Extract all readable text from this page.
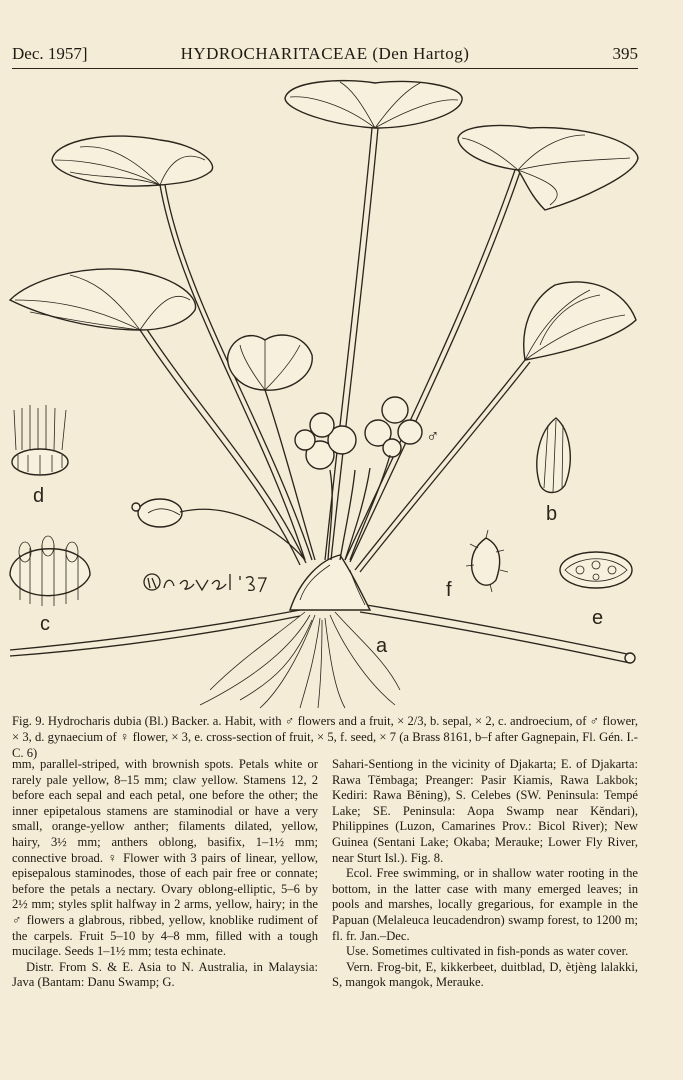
Dec. 1957]	HYDROCHARITACEAE (Den Hartog)	395
d
c
b
f
e
a
♂
Fig. 9. Hydrocharis dubia (Bl.) Backer. a. Habit, with ♂ flowers and a fruit, × 2/3, b. sepal, × 2, c. androecium, of ♂ flower, × 3, d. gynaecium of ♀ flower, × 3, e. cross-section of fruit, × 5, f. seed, × 7 (a Brass 8161, b–f after Gagnepain, Fl. Gén. I.-C. 6)

mm, parallel-striped, with brownish spots. Petals white or rarely pale yellow, 8–15 mm; claw yellow. Stamens 12, 2 before each sepal and each petal, one before the other; the inner epipetalous stamens are staminodial or have a very small, orange-yellow anther; filaments dilated, yellow, hairy, 3½ mm; anthers oblong, basifix, 1–1½ mm; connective broad. ♀ Flower with 3 pairs of linear, yellow, episepalous staminodes, those of each pair free or connate; before the petals a nectary. Ovary oblong-elliptic, 5–6 by 2½ mm; styles split halfway in 2 arms, yellow, hairy; in the ♂ flowers a glabrous, ribbed, yellow, knoblike rudiment of the carpels. Fruit 5–10 by 4–8 mm, filled with a tough mucilage. Seeds 1–1½ mm; testa echinate.

Distr. From S. & E. Asia to N. Australia, in Malaysia: Java (Bantam: Danu Swamp; G.

Sahari-Sentiong in the vicinity of Djakarta; E. of Djakarta: Rawa Tĕmbaga; Preanger: Pasir Kiamis, Rawa Lakbok; Kediri: Rawa Bĕning), S. Celebes (SW. Peninsula: Tempé Lake; SE. Peninsula: Aopa Swamp near Kĕndari), Philippines (Luzon, Camarines Prov.: Bicol River); New Guinea (Sentani Lake; Okaba; Merauke; Lower Fly River, near Sturt Isl.). Fig. 8.

Ecol. Free swimming, or in shallow water rooting in the bottom, in the latter case with many emerged leaves; in pools and marshes, locally gregarious, for example in the Papuan (Melaleuca leucadendron) swamp forest, to 1200 m; fl. fr. Jan.–Dec.

Use. Sometimes cultivated in fish-ponds as water cover.

Vern. Frog-bit, E, kikkerbeet, duitblad, D, ètjèng lalakki, S, mangok mangok, Merauke.
